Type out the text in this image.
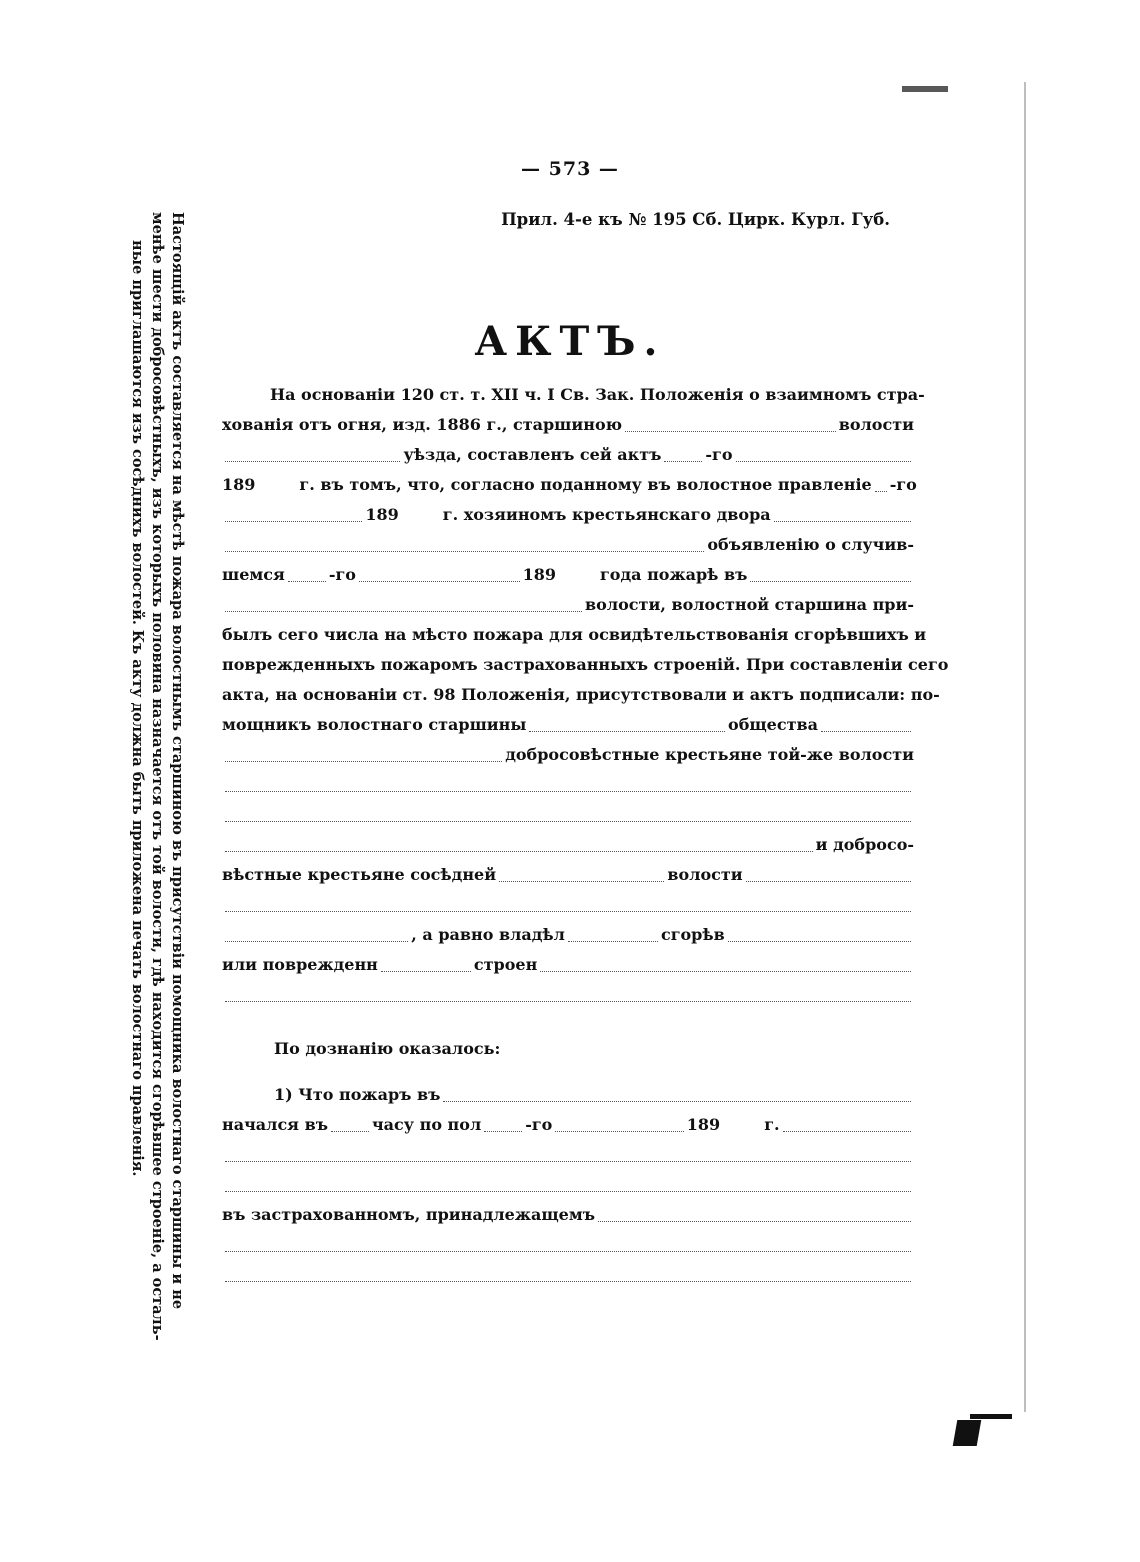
— 573 —
Прил. 4-е къ № 195 Сб. Цирк. Курл. Губ.
АКТЪ.
На основаніи 120 ст. т. XII ч. I Св. Зак. Положенія о взаимномъ стра-
хованія отъ огня, изд. 1886 г., старшиною	волости
уѣзда, составленъ сей актъ	-го
189	г. въ томъ, что, согласно поданному въ волостное правленіе -го
189	г. хозяиномъ крестьянскаго двора
объявленію о случив-
шемся	-го	189	года пожарѣ въ
волости, волостной старшина при-
былъ сего числа на мѣсто пожара для освидѣтельствованія сгорѣвшихъ и
поврежденныхъ пожаромъ застрахованныхъ строеній. При составленіи сего
акта, на основаніи ст. 98 Положенія, присутствовали и актъ подписали: по-
мощникъ волостнаго старшины	общества
добросовѣстные крестьяне той-же волости
и добросо-
вѣстные крестьяне сосѣдней	волости
, а равно владѣл	сгорѣв
или поврежденн	строен
По дознанію оказалось:
1) Что пожаръ въ
начался въ	часу по пол	-го	189	г.
въ застрахованномъ, принадлежащемъ
Настоящій актъ составляется на мѣстѣ пожара волостнымъ старшиною въ присутствіи помощника волостнаго старшины и не
менѣе шести добросовѣстныхъ, изъ которыхъ половина назначается отъ той волости, гдѣ находится сгорѣвшее строеніе, а осталь-
ные приглашаются изъ сосѣднихъ волостей. Къ акту должна быть приложена печать волостнаго правленія.
